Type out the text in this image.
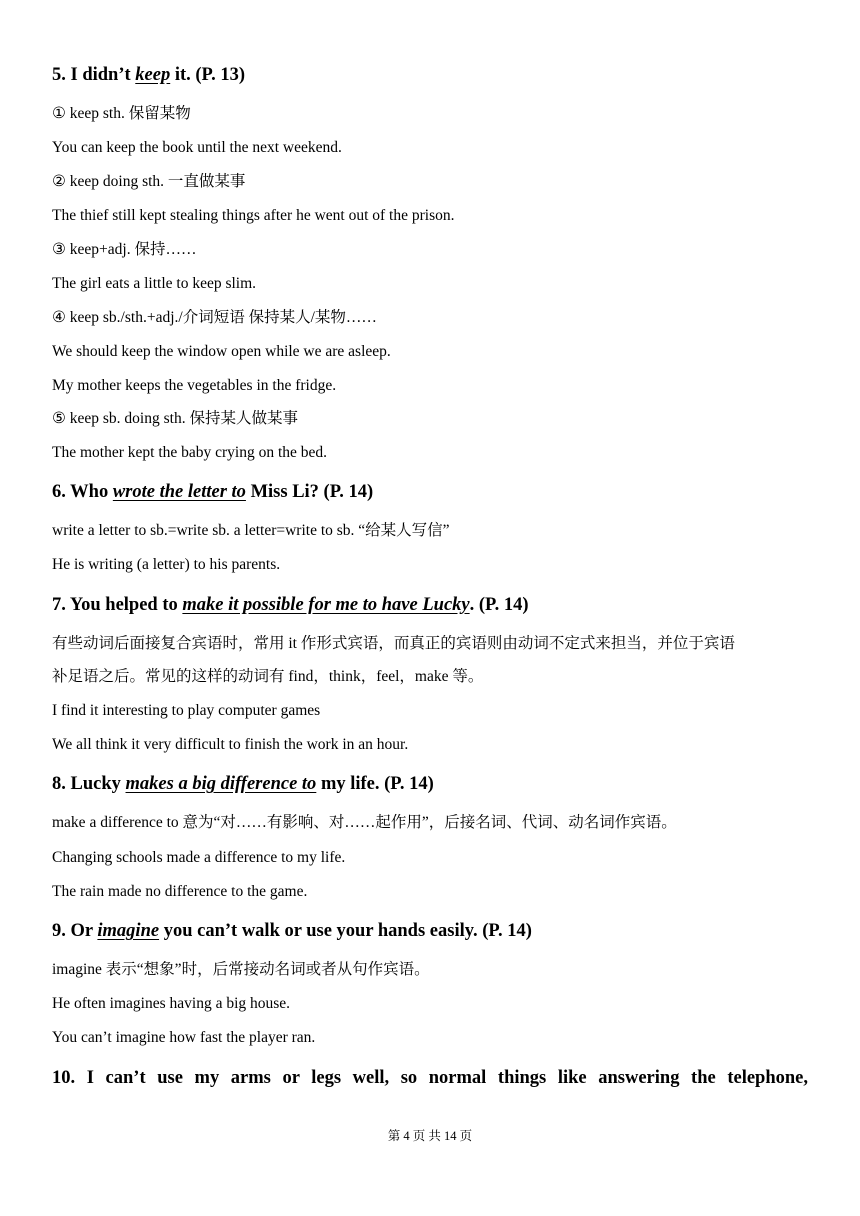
5. I didn’t keep it. (P. 13)
① keep sth. 保留某物
You can keep the book until the next weekend.
② keep doing sth. 一直做某事
The thief still kept stealing things after he went out of the prison.
③ keep+adj. 保持……
The girl eats a little to keep slim.
④ keep sb./sth.+adj./介词短语 保持某人/某物……
We should keep the window open while we are asleep.
My mother keeps the vegetables in the fridge.
⑤ keep sb. doing sth. 保持某人做某事
The mother kept the baby crying on the bed.
6. Who wrote the letter to Miss Li? (P. 14)
write a letter to sb.=write sb. a letter=write to sb. “给某人写信”
He is writing (a letter) to his parents.
7. You helped to make it possible for me to have Lucky. (P. 14)
有些动词后面接复合宾语时，常用 it 作形式宾语，而真正的宾语则由动词不定式来担当，并位于宾语
补足语之后。常见的这样的动词有 find，think，feel，make 等。
I find it interesting to play computer games
We all think it very difficult to finish the work in an hour.
8. Lucky makes a big difference to my life. (P. 14)
make a difference to 意为“对……有影响、对……起作用”，后接名词、代词、动名词作宾语。
Changing schools made a difference to my life.
The rain made no difference to the game.
9. Or imagine you can’t walk or use your hands easily. (P. 14)
imagine 表示“想象”时，后常接动名词或者从句作宾语。
He often imagines having a big house.
You can’t imagine how fast the player ran.
10. I can’t use my arms or legs well, so normal things like answering the telephone,
第 4 页 共 14 页
